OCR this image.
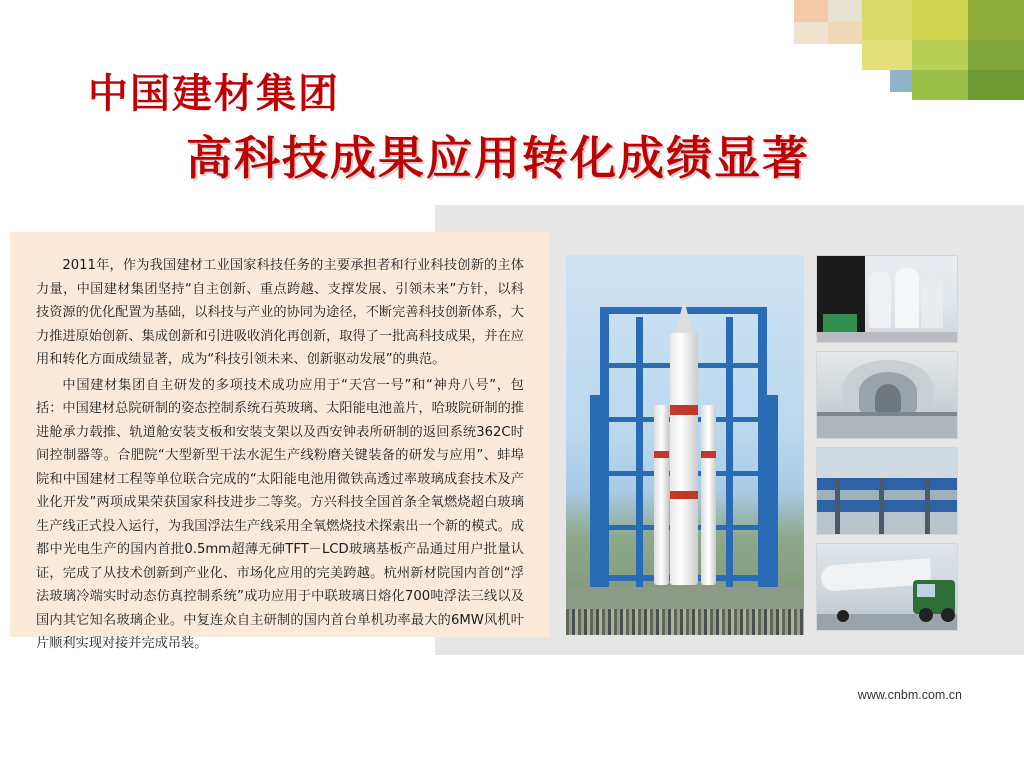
中国建材集团
高科技成果应用转化成绩显著

2011年，作为我国建材工业国家科技任务的主要承担者和行业科技创新的主体力量，中国建材集团坚持“自主创新、重点跨越、支撑发展、引领未来”方针，以科技资源的优化配置为基础，以科技与产业的协同为途径，不断完善科技创新体系，大力推进原始创新、集成创新和引进吸收消化再创新，取得了一批高科技成果，并在应用和转化方面成绩显著，成为“科技引领未来、创新驱动发展”的典范。

中国建材集团自主研发的多项技术成功应用于“天宫一号”和“神舟八号”，包括：中国建材总院研制的姿态控制系统石英玻璃、太阳能电池盖片，哈玻院研制的推进舱承力载推、轨道舱安装支板和安装支架以及西安钟表所研制的返回系统362C时间控制器等。合肥院“大型新型干法水泥生产线粉磨关键装备的研发与应用”、蚌埠院和中国建材工程等单位联合完成的“太阳能电池用微铁高透过率玻璃成套技术及产业化开发”两项成果荣获国家科技进步二等奖。方兴科技全国首条全氧燃烧超白玻璃生产线正式投入运行，为我国浮法生产线采用全氧燃烧技术探索出一个新的模式。成都中光电生产的国内首批0.5mm超薄无砷TFT－LCD玻璃基板产品通过用户批量认证，完成了从技术创新到产业化、市场化应用的完美跨越。杭州新材院国内首创“浮法玻璃冷端实时动态仿真控制系统”成功应用于中联玻璃日熔化700吨浮法三线以及国内其它知名玻璃企业。中复连众自主研制的国内首台单机功率最大的6MW风机叶片顺利实现对接并完成吊装。

www.cnbm.com.cn
